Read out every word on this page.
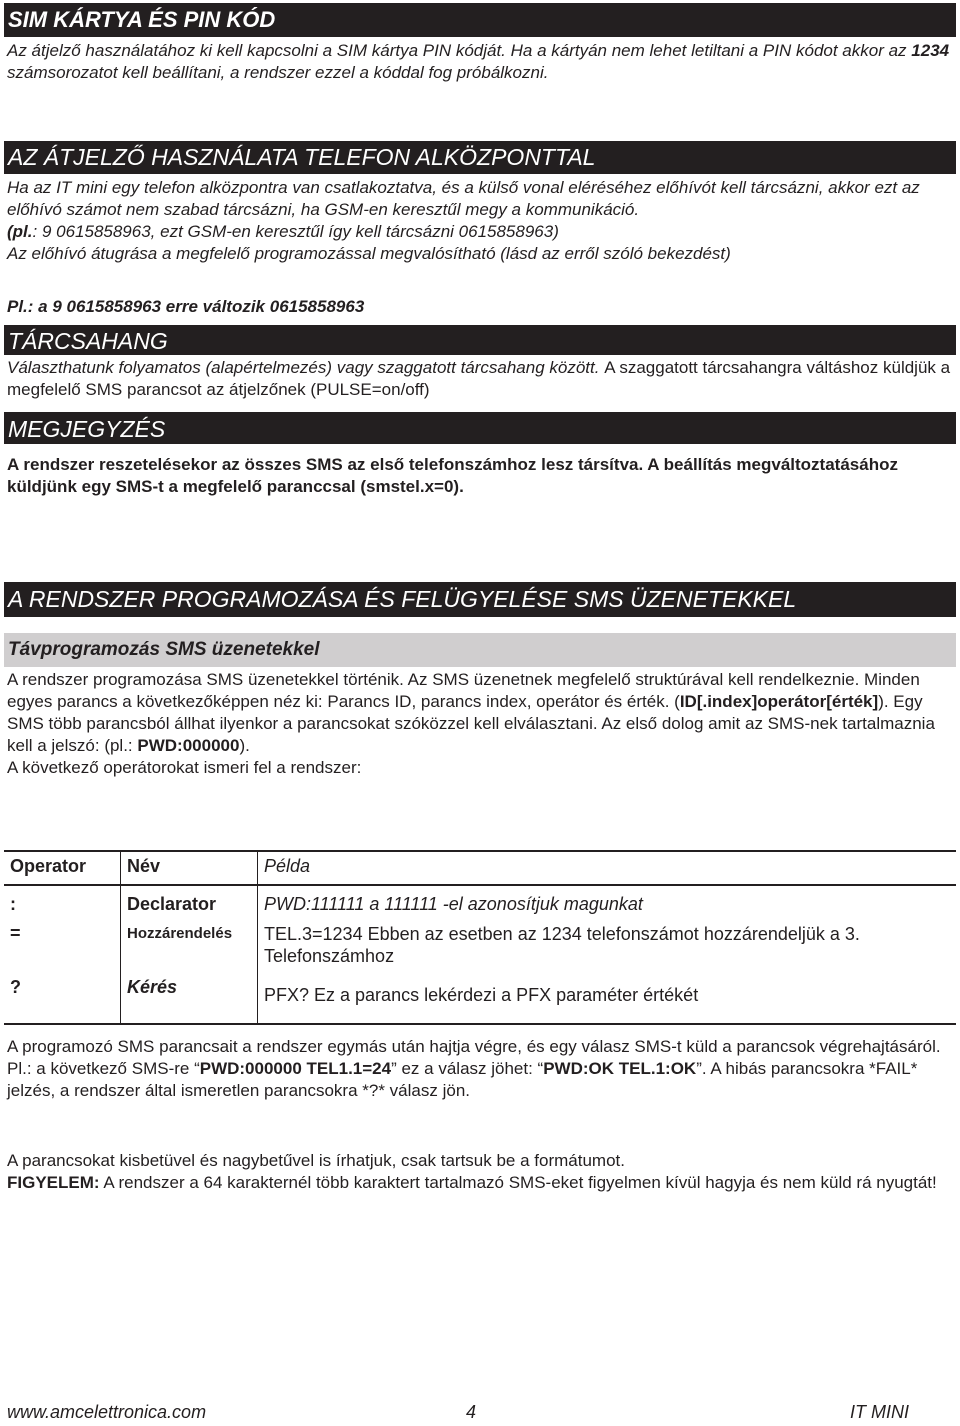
SIM KÁRTYA ÉS PIN KÓD

Az átjelző használatához ki kell kapcsolni a SIM kártya PIN kódját. Ha a kártyán nem lehet letiltani a PIN kódot akkor az 1234 számsorozatot kell beállítani, a rendszer ezzel a kóddal fog próbálkozni.

AZ ÁTJELZŐ HASZNÁLATA TELEFON ALKÖZPONTTAL

Ha az IT mini egy telefon alközpontra van csatlakoztatva, és a külső vonal eléréséhez előhívót kell tárcsázni, akkor ezt az előhívó számot nem szabad tárcsázni, ha GSM-en keresztűl megy a kommunikáció.
(pl.: 9 0615858963, ezt GSM-en keresztűl így kell tárcsázni 0615858963)
Az előhívó átugrása a megfelelő programozással megvalósítható (lásd az erről szóló bekezdést)

Pl.: a 9 0615858963 erre változik 0615858963

TÁRCSAHANG

Választhatunk folyamatos (alapértelmezés) vagy szaggatott tárcsahang között. A szaggatott tárcsahangra váltáshoz küldjük a megfelelő SMS parancsot az átjelzőnek (PULSE=on/off)

MEGJEGYZÉS

A rendszer reszetelésekor az összes SMS az első telefonszámhoz lesz társítva. A beállítás megváltoztatásához küldjünk egy SMS-t a megfelelő paranccsal (smstel.x=0).

A RENDSZER PROGRAMOZÁSA ÉS FELÜGYELÉSE SMS ÜZENETEKKEL
Távprogramozás SMS üzenetekkel

A rendszer programozása SMS üzenetekkel történik. Az SMS üzenetnek megfelelő struktúrával kell rendelkeznie. Minden egyes parancs a következőképpen néz ki: Parancs ID, parancs index, operátor és érték. (ID[.index]operátor[érték]). Egy SMS több parancsból állhat ilyenkor a parancsokat szóközzel kell elválasztani. Az első dolog amit az SMS-nek tartalmaznia kell a jelszó: (pl.: PWD:000000).
A következő operátorokat ismeri fel a rendszer:

Operator	Név	Példa
:	Declarator	PWD:111111 a 111111 -el azonosítjuk magunkat
=	Hozzárendelés	TEL.3=1234 Ebben az esetben az 1234 telefonszámot hozzárendeljük a 3. Telefonszámhoz
?	Kérés	PFX? Ez a parancs lekérdezi a PFX paraméter értékét

A programozó SMS parancsait a rendszer egymás után hajtja végre, és egy válasz SMS-t küld a parancsok végrehajtásáról. Pl.: a következő SMS-re “PWD:000000 TEL1.1=24” ez a válasz jöhet: “PWD:OK TEL.1:OK”. A hibás parancsokra *FAIL* jelzés, a rendszer által ismeretlen parancsokra *?* válasz jön.

A parancsokat kisbetüvel és nagybetűvel is írhatjuk, csak tartsuk be a formátumot.
FIGYELEM: A rendszer a 64 karakternél több karaktert tartalmazó SMS-eket figyelmen kívül hagyja és nem küld rá nyugtát!

www.amcelettronica.com	4	IT MINI
